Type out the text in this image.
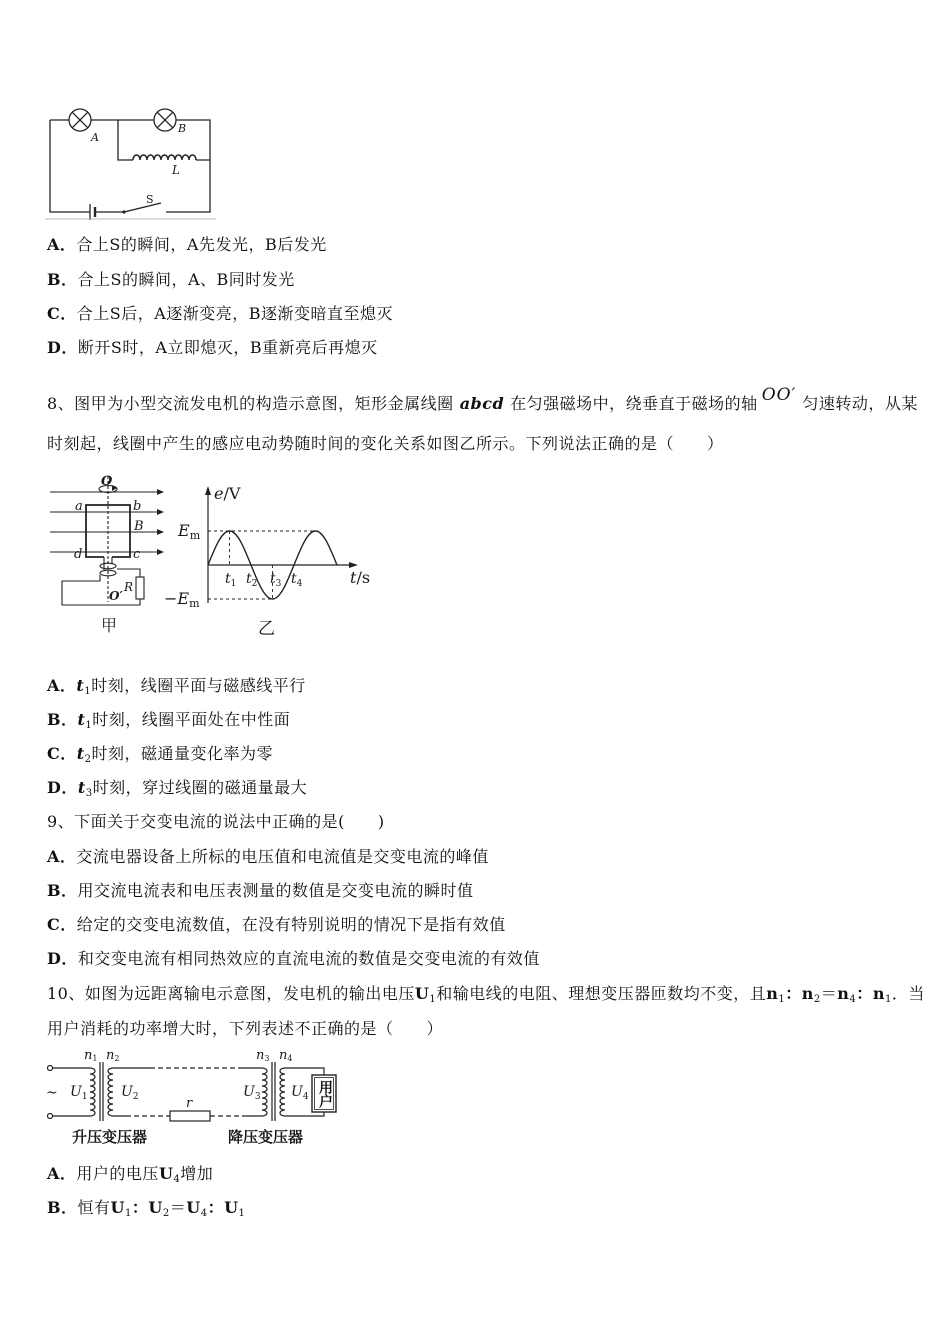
A
B
L
S
A．合上S的瞬间，A先发光，B后发光
B．合上S的瞬间，A、B同时发光
C．合上S后，A逐渐变亮，B逐渐变暗直至熄灭
D．断开S时，A立即熄灭，B重新亮后再熄灭
8、图甲为小型交流发电机的构造示意图，矩形金属线圈 abcd 在匀强磁场中，绕垂直于磁场的轴 OO′ 匀速转动，从某
时刻起，线圈中产生的感应电动势随时间的变化关系如图乙所示。下列说法正确的是（　　）
O
a	b
B
d	c
R
O′
甲
e/V
Em
−Em
$t_1$ $t_2$ $t_3$ $t_4$	t/s
乙
A．$t_1$时刻，线圈平面与磁感线平行
B．$t_1$时刻，线圈平面处在中性面
C．$t_2$时刻，磁通量变化率为零
D．$t_3$时刻，穿过线圈的磁通量最大
9、下面关于交变电流的说法中正确的是(　　)
A．交流电器设备上所标的电压值和电流值是交变电流的峰值
B．用交流电流表和电压表测量的数值是交变电流的瞬时值
C．给定的交变电流数值，在没有特别说明的情况下是指有效值
D．和交变电流有相同热效应的直流电流的数值是交变电流的有效值
10、如图为远距离输电示意图，发电机的输出电压$U_1$和输电线的电阻、理想变压器匝数均不变，且$n_1$：$n_2=n_4$：$n_1$．当
用户消耗的功率增大时，下列表述不正确的是（　　）
~
n1 n2	n3 n4
$U_1$ $U_2$	$U_3$ $U_4$
r
升压变压器	降压变压器
用户
A．用户的电压$U_4$增加
B．恒有$U_1$：$U_2=U_4$：$U_1$
